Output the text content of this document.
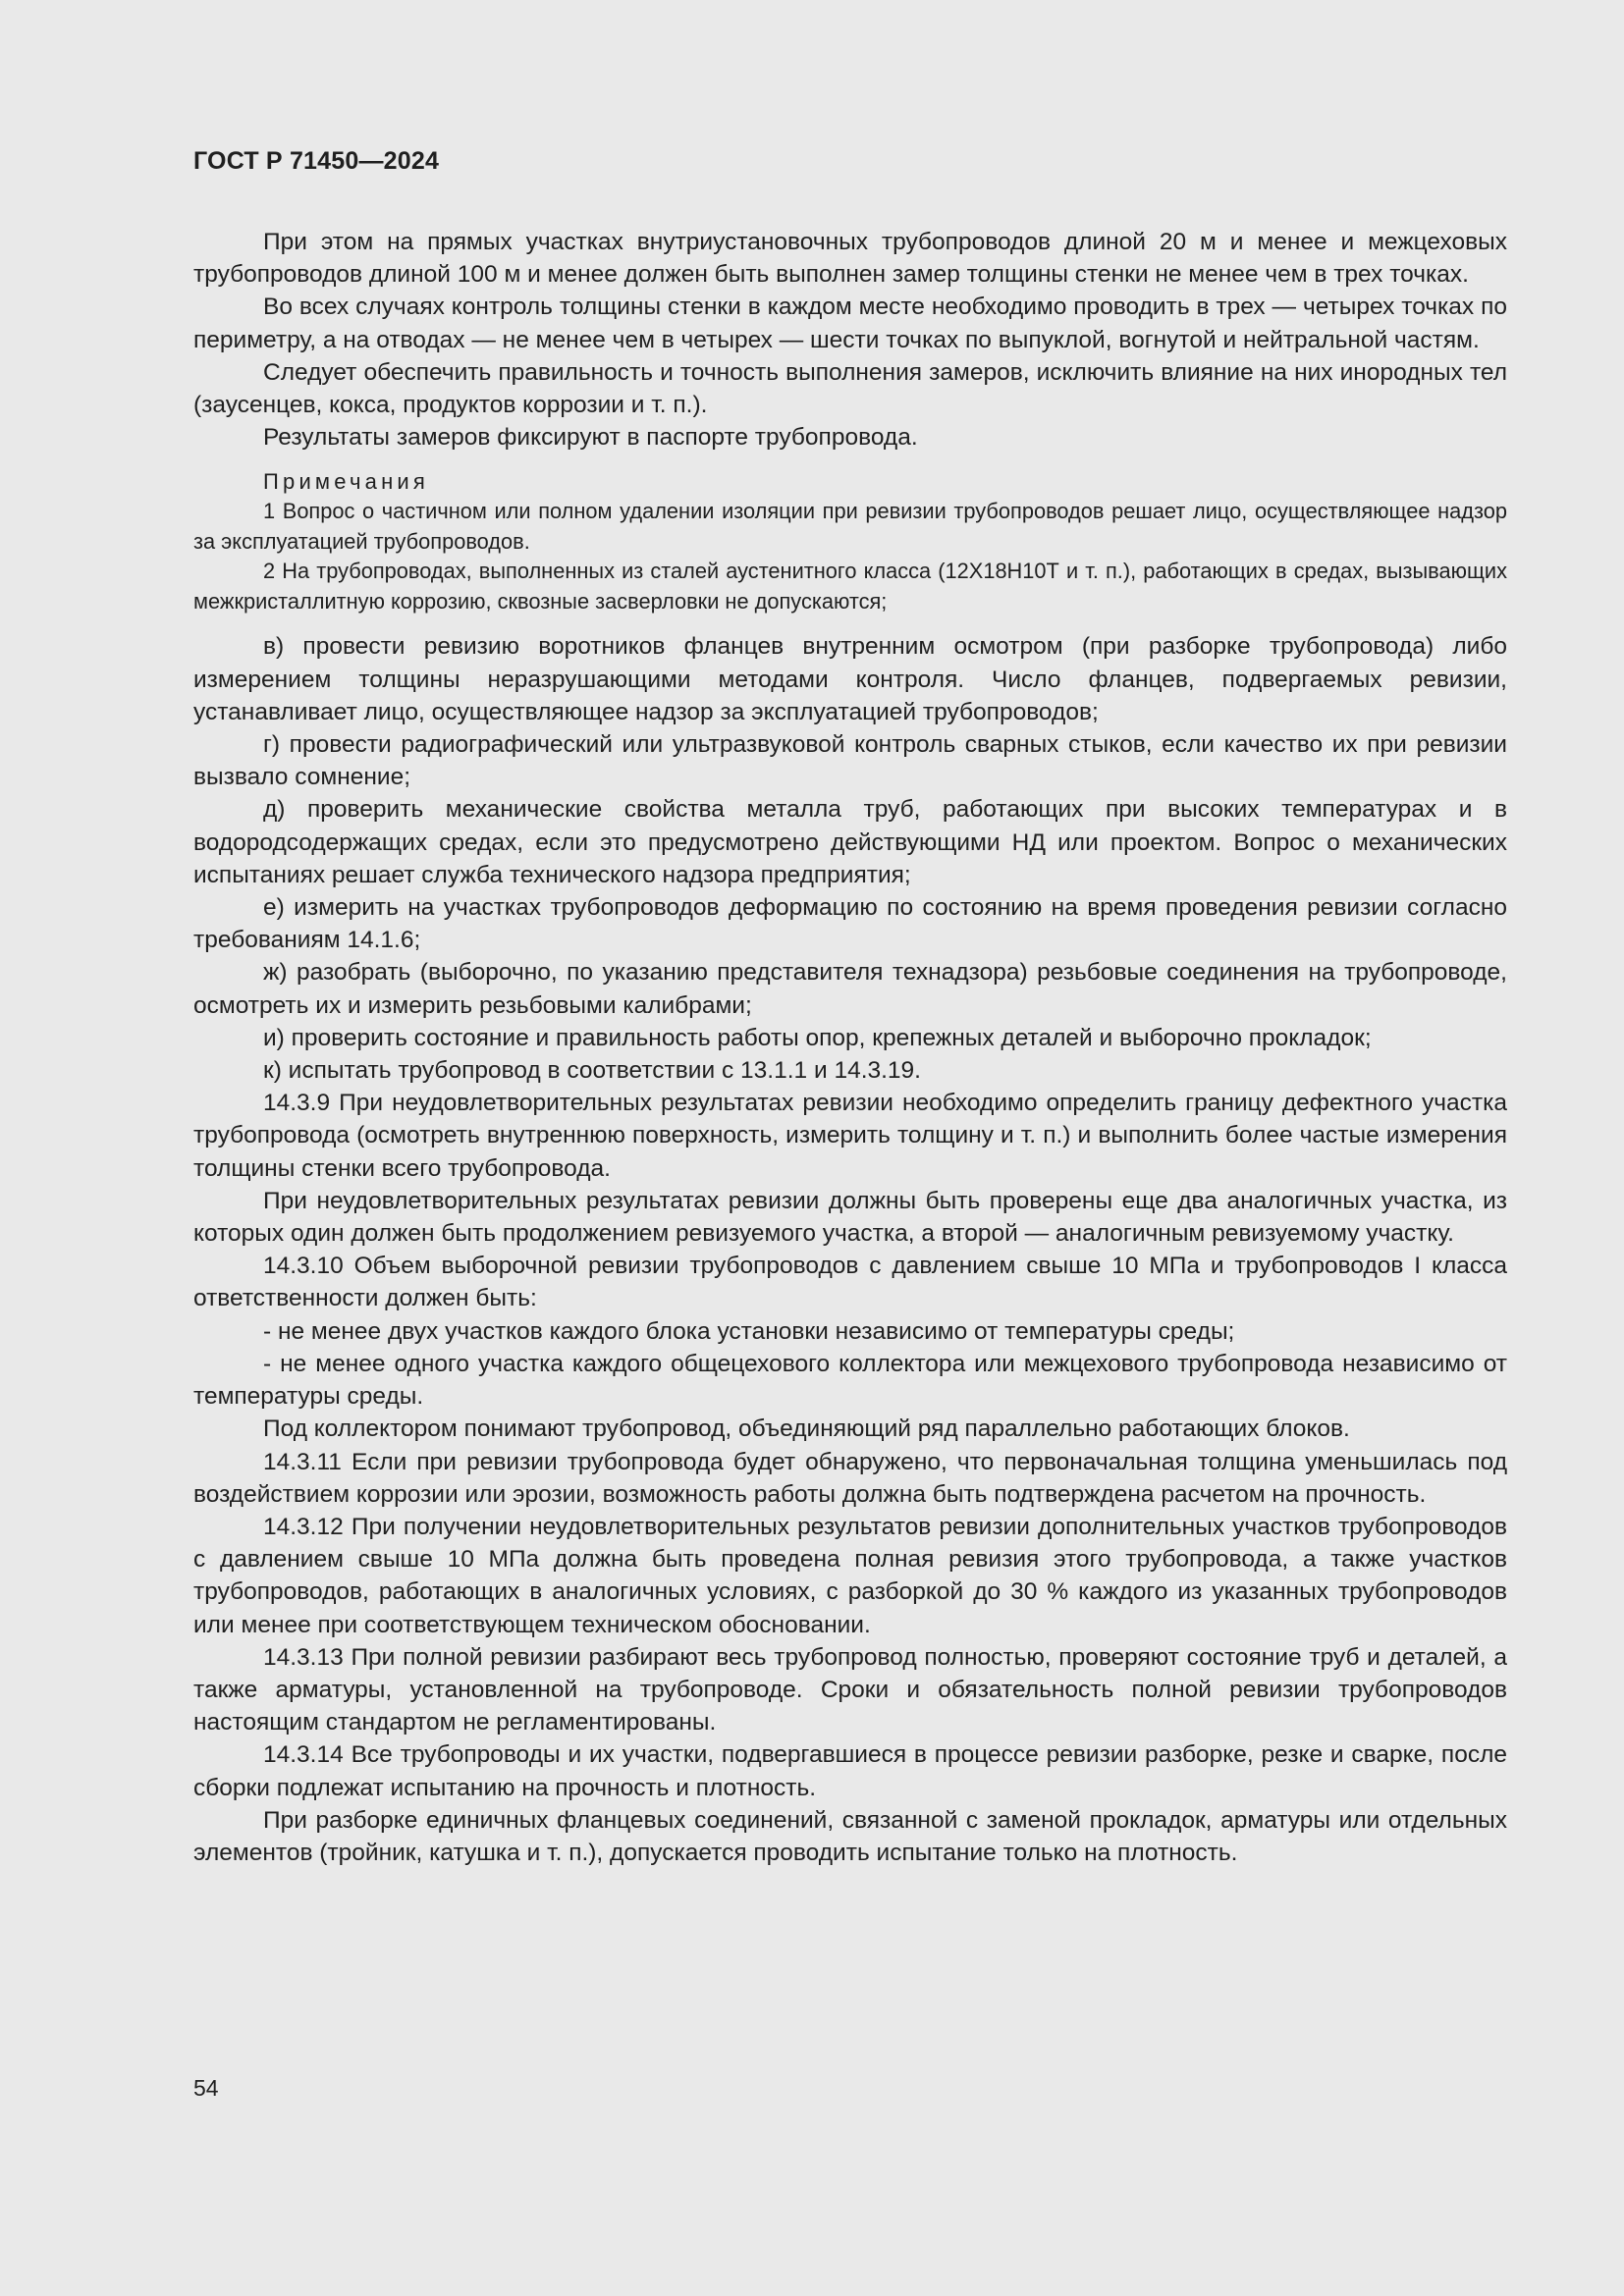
ГОСТ Р 71450—2024

При этом на прямых участках внутриустановочных трубопроводов длиной 20 м и менее и межцеховых трубопроводов длиной 100 м и менее должен быть выполнен замер толщины стенки не менее чем в трех точках.

Во всех случаях контроль толщины стенки в каждом месте необходимо проводить в трех — четырех точках по периметру, а на отводах — не менее чем в четырех — шести точках по выпуклой, вогнутой и нейтральной частям.

Следует обеспечить правильность и точность выполнения замеров, исключить влияние на них инородных тел (заусенцев, кокса, продуктов коррозии и т. п.).

Результаты замеров фиксируют в паспорте трубопровода.

Примечания

1 Вопрос о частичном или полном удалении изоляции при ревизии трубопроводов решает лицо, осуществляющее надзор за эксплуатацией трубопроводов.

2 На трубопроводах, выполненных из сталей аустенитного класса (12Х18Н10Т и т. п.), работающих в средах, вызывающих межкристаллитную коррозию, сквозные засверловки не допускаются;

в) провести ревизию воротников фланцев внутренним осмотром (при разборке трубопровода) либо измерением толщины неразрушающими методами контроля. Число фланцев, подвергаемых ревизии, устанавливает лицо, осуществляющее надзор за эксплуатацией трубопроводов;

г) провести радиографический или ультразвуковой контроль сварных стыков, если качество их при ревизии вызвало сомнение;

д) проверить механические свойства металла труб, работающих при высоких температурах и в водородсодержащих средах, если это предусмотрено действующими НД или проектом. Вопрос о механических испытаниях решает служба технического надзора предприятия;

е) измерить на участках трубопроводов деформацию по состоянию на время проведения ревизии согласно требованиям 14.1.6;

ж) разобрать (выборочно, по указанию представителя технадзора) резьбовые соединения на трубопроводе, осмотреть их и измерить резьбовыми калибрами;

и) проверить состояние и правильность работы опор, крепежных деталей и выборочно прокладок;

к) испытать трубопровод в соответствии с 13.1.1 и 14.3.19.

14.3.9 При неудовлетворительных результатах ревизии необходимо определить границу дефектного участка трубопровода (осмотреть внутреннюю поверхность, измерить толщину и т. п.) и выполнить более частые измерения толщины стенки всего трубопровода.

При неудовлетворительных результатах ревизии должны быть проверены еще два аналогичных участка, из которых один должен быть продолжением ревизуемого участка, а второй — аналогичным ревизуемому участку.

14.3.10 Объем выборочной ревизии трубопроводов с давлением свыше 10 МПа и трубопроводов I класса ответственности должен быть:

- не менее двух участков каждого блока установки независимо от температуры среды;

- не менее одного участка каждого общецехового коллектора или межцехового трубопровода независимо от температуры среды.

Под коллектором понимают трубопровод, объединяющий ряд параллельно работающих блоков.

14.3.11 Если при ревизии трубопровода будет обнаружено, что первоначальная толщина уменьшилась под воздействием коррозии или эрозии, возможность работы должна быть подтверждена расчетом на прочность.

14.3.12 При получении неудовлетворительных результатов ревизии дополнительных участков трубопроводов с давлением свыше 10 МПа должна быть проведена полная ревизия этого трубопровода, а также участков трубопроводов, работающих в аналогичных условиях, с разборкой до 30 % каждого из указанных трубопроводов или менее при соответствующем техническом обосновании.

14.3.13 При полной ревизии разбирают весь трубопровод полностью, проверяют состояние труб и деталей, а также арматуры, установленной на трубопроводе. Сроки и обязательность полной ревизии трубопроводов настоящим стандартом не регламентированы.

14.3.14 Все трубопроводы и их участки, подвергавшиеся в процессе ревизии разборке, резке и сварке, после сборки подлежат испытанию на прочность и плотность.

При разборке единичных фланцевых соединений, связанной с заменой прокладок, арматуры или отдельных элементов (тройник, катушка и т. п.), допускается проводить испытание только на плотность.

54
